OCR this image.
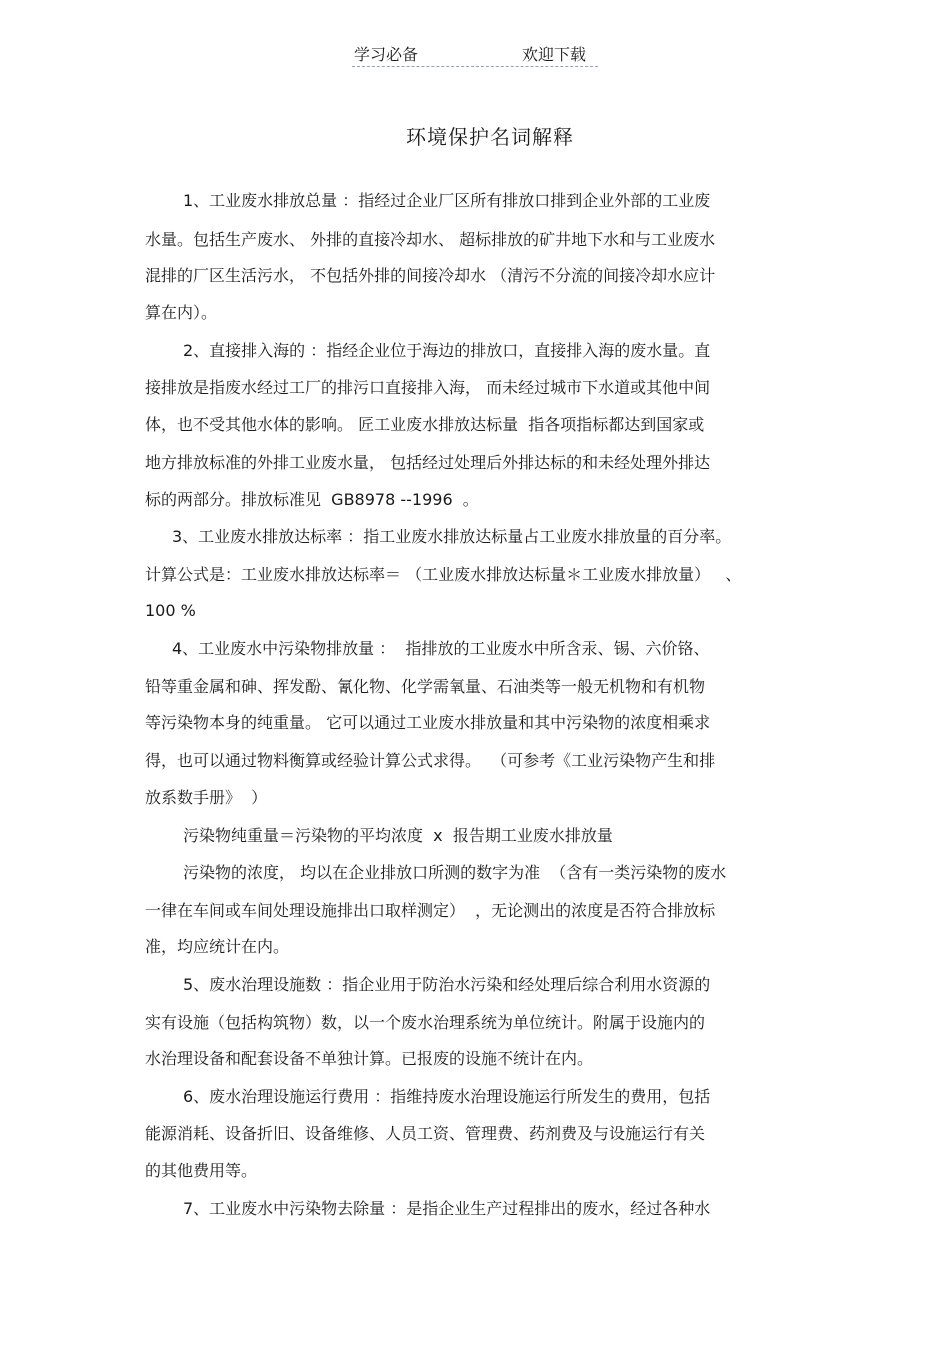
学习必备	欢迎下载
环境保护名词解释
1、工业废水排放总量 ：指经过企业厂区所有排放口排到企业外部的工业废
水量。包括生产废水、 外排的直接冷却水、 超标排放的矿井地下水和与工业废水
混排的厂区生活污水， 不包括外排的间接冷却水 （清污不分流的间接冷却水应计
算在内）。
2、直接排入海的 ：指经企业位于海边的排放口，直接排入海的废水量。直
接排放是指废水经过工厂的排污口直接排入海， 而未经过城市下水道或其他中间
体，也不受其他水体的影响。 匠工业废水排放达标量  指各项指标都达到国家或
地方排放标准的外排工业废水量， 包括经过处理后外排达标的和未经处理外排达
标的两部分。排放标准见  GB8978 --1996  。
3、工业废水排放达标率 ：指工业废水排放达标量占工业废水排放量的百分率。
计算公式是：工业废水排放达标率＝ （工业废水排放达标量＊工业废水排放量）   、
100 %
4、工业废水中污染物排放量 ：  指排放的工业废水中所含汞、锡、六价铬、
铅等重金属和砷、挥发酚、氰化物、化学需氧量、石油类等一般无机物和有机物
等污染物本身的纯重量。 它可以通过工业废水排放量和其中污染物的浓度相乘求
得，也可以通过物料衡算或经验计算公式求得。  （可参考《工业污染物产生和排
放系数手册》  ）
污染物纯重量＝污染物的平均浓度  x  报告期工业废水排放量
污染物的浓度， 均以在企业排放口所测的数字为准  （含有一类污染物的废水
一律在车间或车间处理设施排出口取样测定）  ，无论测出的浓度是否符合排放标
准，均应统计在内。
5、废水治理设施数 ：指企业用于防治水污染和经处理后综合利用水资源的
实有设施（包括构筑物）数，以一个废水治理系统为单位统计。附属于设施内的
水治理设备和配套设备不单独计算。已报废的设施不统计在内。
6、废水治理设施运行费用 ：指维持废水治理设施运行所发生的费用，包括
能源消耗、设备折旧、设备维修、人员工资、管理费、药剂费及与设施运行有关
的其他费用等。
7、工业废水中污染物去除量 ：是指企业生产过程排出的废水，经过各种水
